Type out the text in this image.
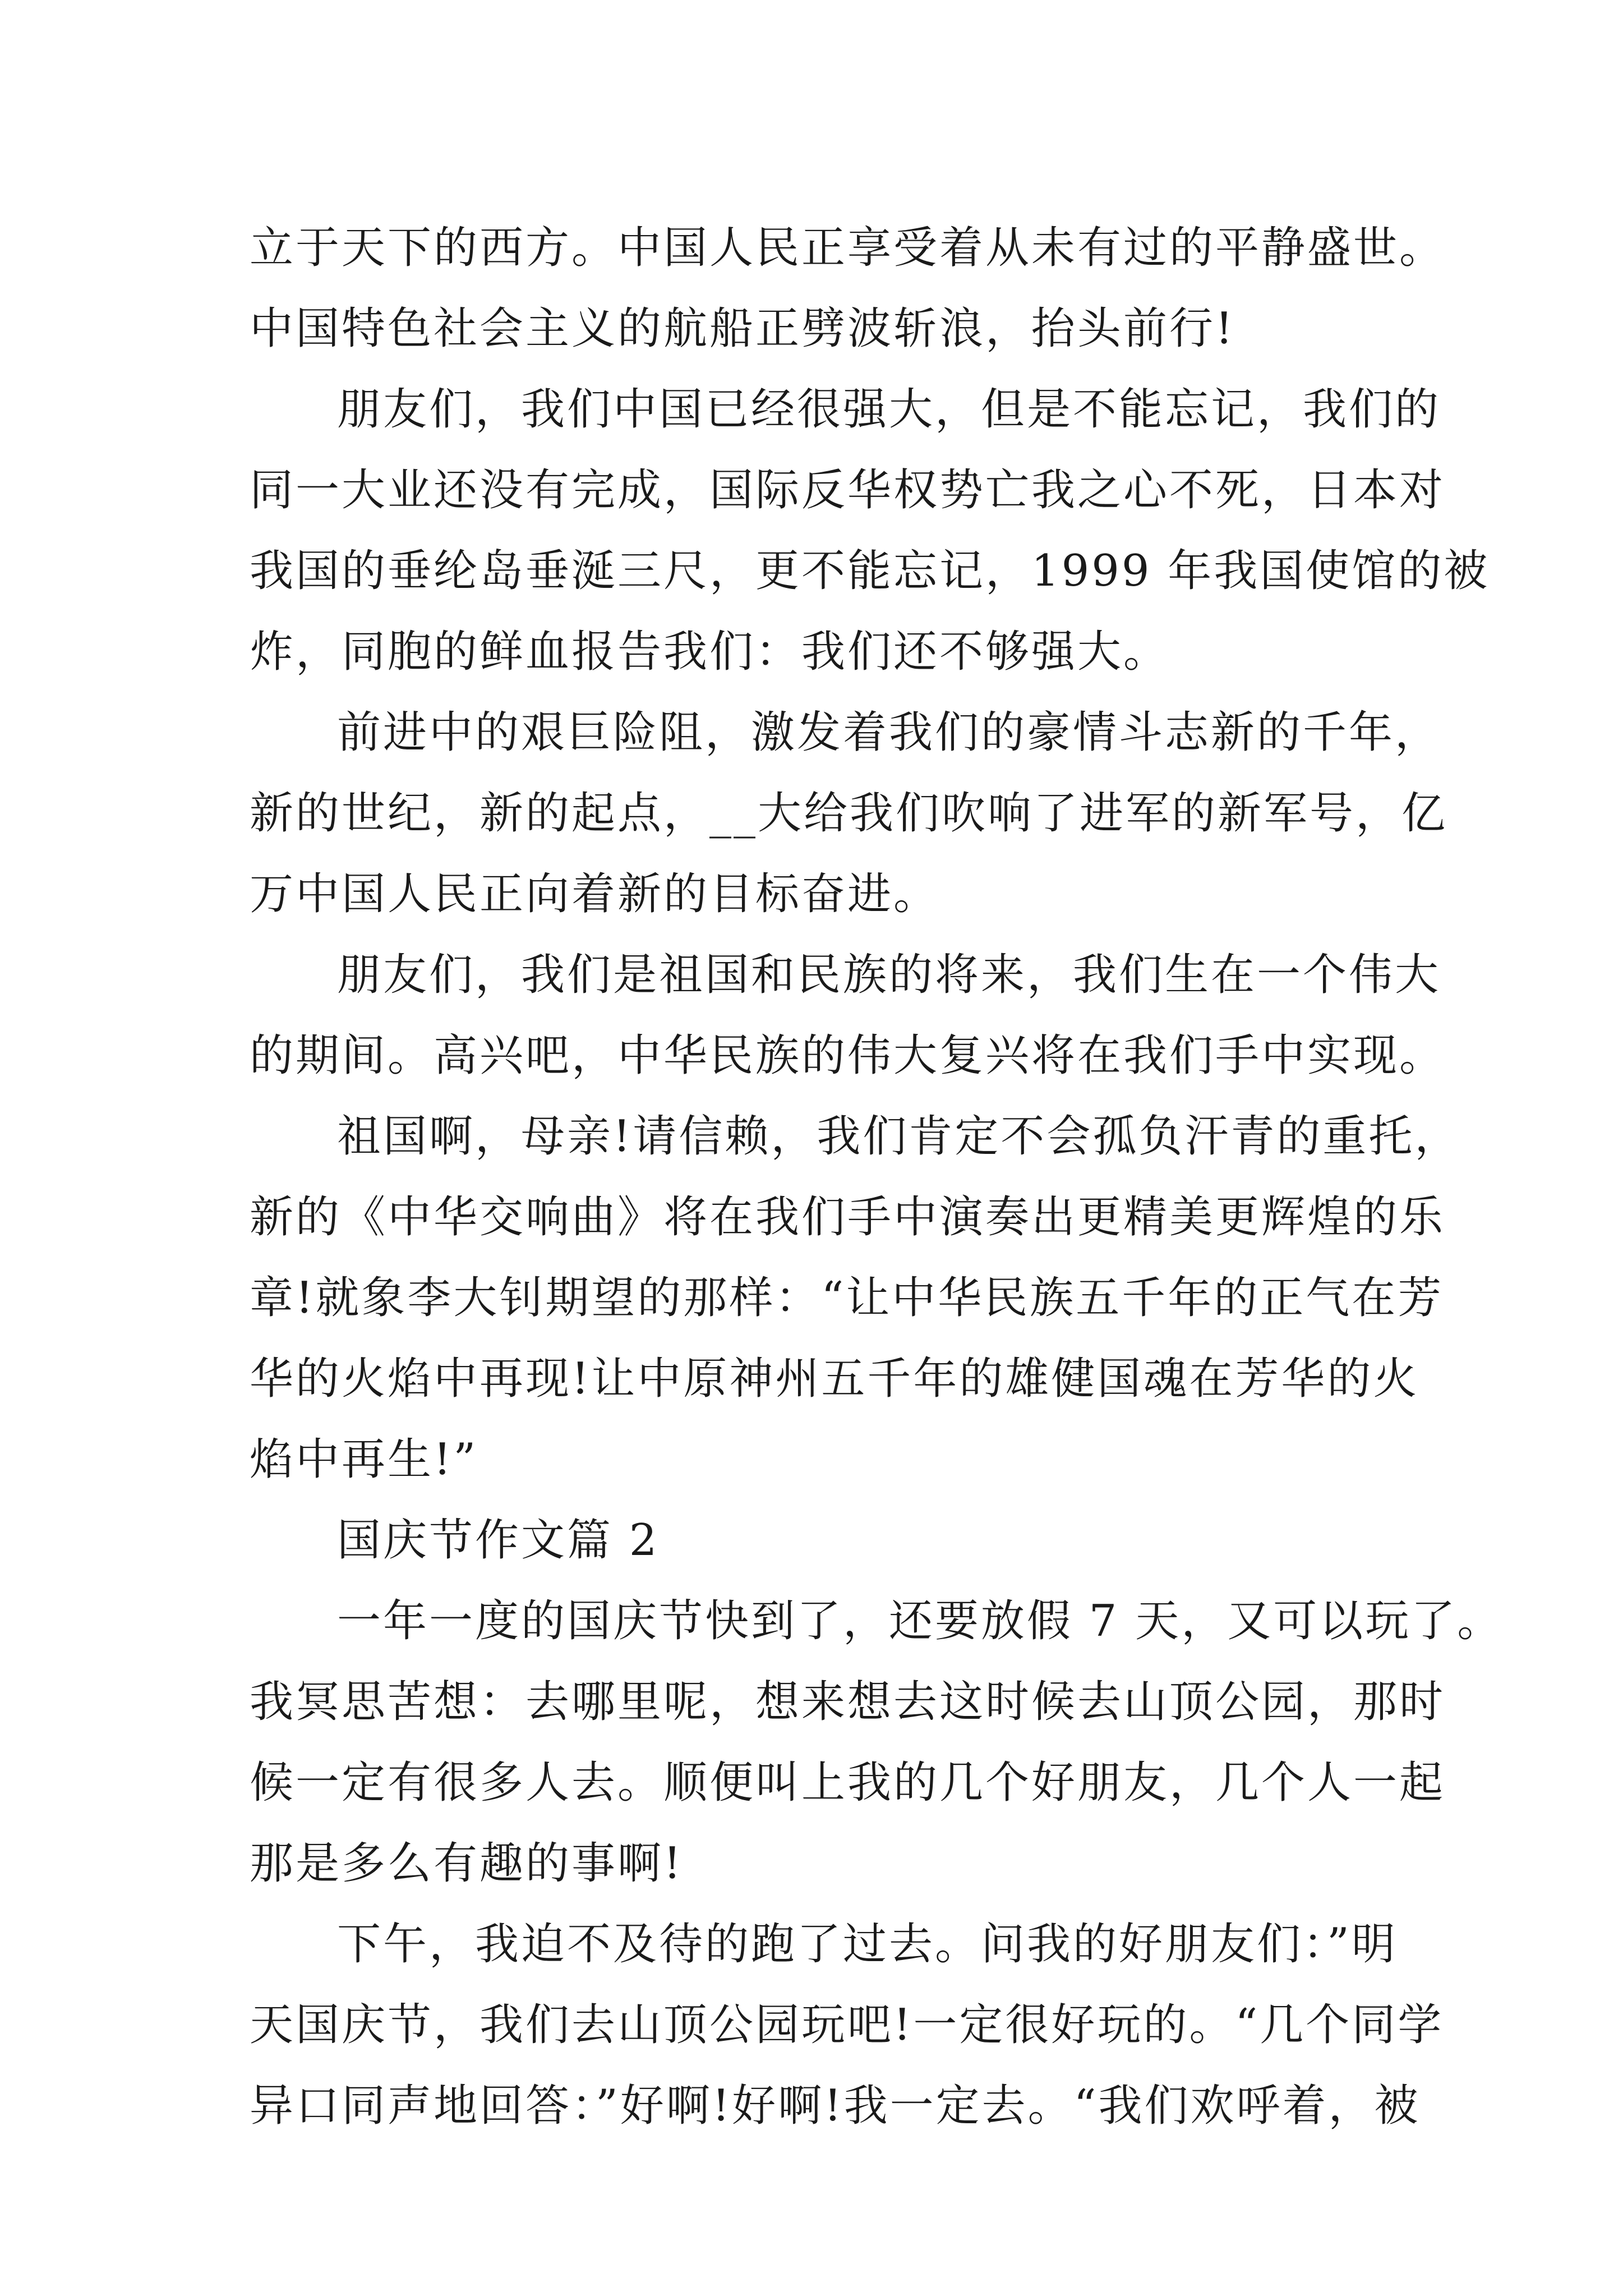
立于天下的西方。中国人民正享受着从未有过的平静盛世。
中国特色社会主义的航船正劈波斩浪，抬头前行!
朋友们，我们中国已经很强大，但是不能忘记，我们的
同一大业还没有完成，国际反华权势亡我之心不死，日本对
我国的垂纶岛垂涎三尺，更不能忘记，1999 年我国使馆的被
炸，同胞的鲜血报告我们：我们还不够强大。
前进中的艰巨险阻，激发着我们的豪情斗志新的千年，
新的世纪，新的起点，__大给我们吹响了进军的新军号，亿
万中国人民正向着新的目标奋进。
朋友们，我们是祖国和民族的将来，我们生在一个伟大
的期间。高兴吧，中华民族的伟大复兴将在我们手中实现。
祖国啊，母亲!请信赖，我们肯定不会孤负汗青的重托，
新的《中华交响曲》将在我们手中演奏出更精美更辉煌的乐
章!就象李大钊期望的那样：“让中华民族五千年的正气在芳
华的火焰中再现!让中原神州五千年的雄健国魂在芳华的火
焰中再生!”
国庆节作文篇 2
一年一度的国庆节快到了，还要放假 7 天，又可以玩了。
我冥思苦想：去哪里呢，想来想去这时候去山顶公园，那时
候一定有很多人去。顺便叫上我的几个好朋友，几个人一起
那是多么有趣的事啊!
下午，我迫不及待的跑了过去。问我的好朋友们：”明
天国庆节，我们去山顶公园玩吧!一定很好玩的。“几个同学
异口同声地回答：”好啊!好啊!我一定去。“我们欢呼着，被
